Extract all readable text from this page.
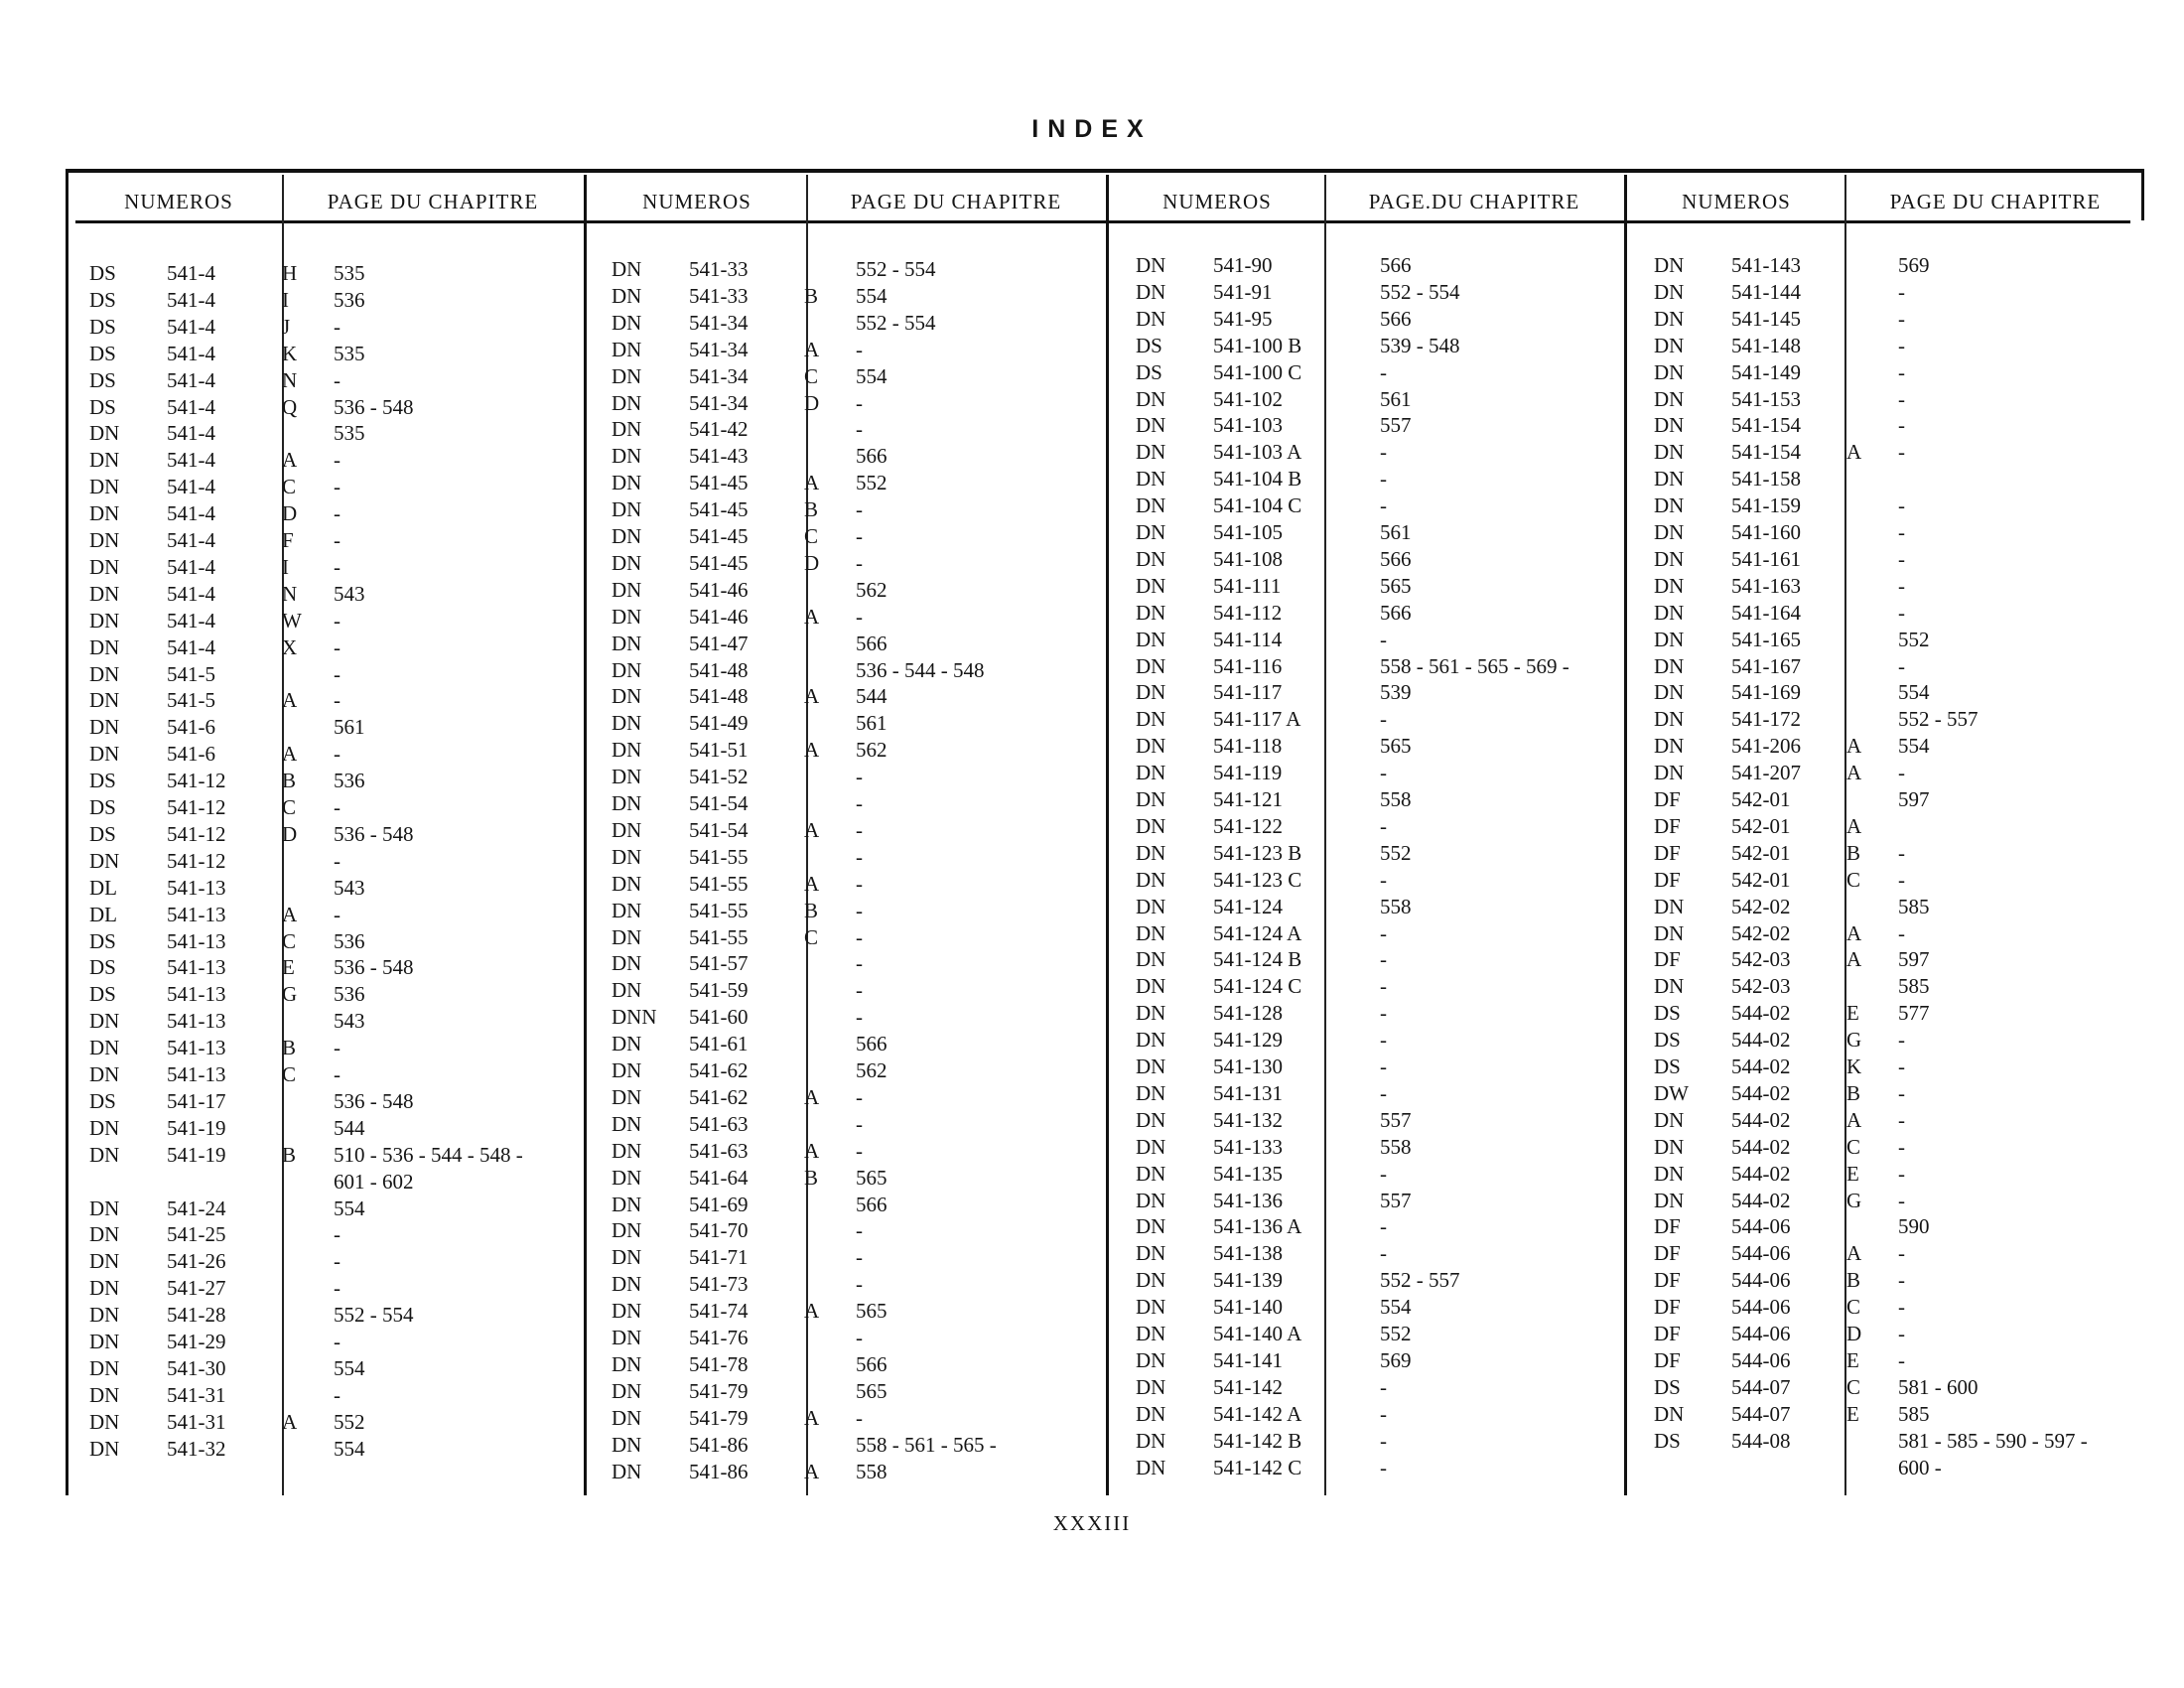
INDEX
NUMEROS	PAGE DU CHAPITRE	NUMEROS	PAGE DU CHAPITRE	NUMEROS	PAGE.DU CHAPITRE	NUMEROS	PAGE DU CHAPITRE
DS	541-4	H	535
DS	541-4	I	536
DS	541-4	J	-
DS	541-4	K	535
DS	541-4	N	-
DS	541-4	Q	536 - 548
DN	541-4	535
DN	541-4	A	-
DN	541-4	C	-
DN	541-4	D	-
DN	541-4	F	-
DN	541-4	I	-
DN	541-4	N	543
DN	541-4	W	-
DN	541-4	X	-
DN	541-5	-
DN	541-5	A	-
DN	541-6	561
DN	541-6	A	-
DS	541-12	B	536
DS	541-12	C	-
DS	541-12	D	536 - 548
DN	541-12	-
DL	541-13	543
DL	541-13	A	-
DS	541-13	C	536
DS	541-13	E	536 - 548
DS	541-13	G	536
DN	541-13	543
DN	541-13	B	-
DN	541-13	C	-
DS	541-17	536 - 548
DN	541-19	544
DN	541-19	B	510 - 536 - 544 - 548 -
601 - 602
DN	541-24	554
DN	541-25	-
DN	541-26	-
DN	541-27	-
DN	541-28	552 - 554
DN	541-29	-
DN	541-30	554
DN	541-31	-
DN	541-31	A	552
DN	541-32	554
DN	541-33	552 - 554
DN	541-33	B	554
DN	541-34	552 - 554
DN	541-34	A	-
DN	541-34	C	554
DN	541-34	D	-
DN	541-42	-
DN	541-43	566
DN	541-45	A	552
DN	541-45	B	-
DN	541-45	C	-
DN	541-45	D	-
DN	541-46	562
DN	541-46	A	-
DN	541-47	566
DN	541-48	536 - 544 - 548
DN	541-48	A	544
DN	541-49	561
DN	541-51	A	562
DN	541-52	-
DN	541-54	-
DN	541-54	A	-
DN	541-55	-
DN	541-55	A	-
DN	541-55	B	-
DN	541-55	C	-
DN	541-57	-
DN	541-59	-
DNN	541-60	-
DN	541-61	566
DN	541-62	562
DN	541-62	A	-
DN	541-63	-
DN	541-63	A	-
DN	541-64	B	565
DN	541-69	566
DN	541-70	-
DN	541-71	-
DN	541-73	-
DN	541-74	A	565
DN	541-76	-
DN	541-78	566
DN	541-79	565
DN	541-79	A	-
DN	541-86	558 - 561 - 565 -
DN	541-86	A	558
DN	541-90	566
DN	541-91	552 - 554
DN	541-95	566
DS	541-100 B	539 - 548
DS	541-100 C	-
DN	541-102	561
DN	541-103	557
DN	541-103 A	-
DN	541-104 B	-
DN	541-104 C	-
DN	541-105	561
DN	541-108	566
DN	541-111	565
DN	541-112	566
DN	541-114	-
DN	541-116	558 - 561 - 565 - 569 -
DN	541-117	539
DN	541-117 A	-
DN	541-118	565
DN	541-119	-
DN	541-121	558
DN	541-122	-
DN	541-123 B	552
DN	541-123 C	-
DN	541-124	558
DN	541-124 A	-
DN	541-124 B	-
DN	541-124 C	-
DN	541-128	-
DN	541-129	-
DN	541-130	-
DN	541-131	-
DN	541-132	557
DN	541-133	558
DN	541-135	-
DN	541-136	557
DN	541-136 A	-
DN	541-138	-
DN	541-139	552 - 557
DN	541-140	554
DN	541-140 A	552
DN	541-141	569
DN	541-142	-
DN	541-142 A	-
DN	541-142 B	-
DN	541-142 C	-
DN	541-143	569
DN	541-144	-
DN	541-145	-
DN	541-148	-
DN	541-149	-
DN	541-153	-
DN	541-154	-
DN	541-154	A	-
DN	541-158
DN	541-159	-
DN	541-160	-
DN	541-161	-
DN	541-163	-
DN	541-164	-
DN	541-165	552
DN	541-167	-
DN	541-169	554
DN	541-172	552 - 557
DN	541-206	A	554
DN	541-207	A	-
DF	542-01	597
DF	542-01	A
DF	542-01	B	-
DF	542-01	C	-
DN	542-02	585
DN	542-02	A	-
DF	542-03	A	597
DN	542-03	585
DS	544-02	E	577
DS	544-02	G	-
DS	544-02	K	-
DW	544-02	B	-
DN	544-02	A	-
DN	544-02	C	-
DN	544-02	E	-
DN	544-02	G	-
DF	544-06	590
DF	544-06	A	-
DF	544-06	B	-
DF	544-06	C	-
DF	544-06	D	-
DF	544-06	E	-
DS	544-07	C	581 - 600
DN	544-07	E	585
DS	544-08	581 - 585 - 590 - 597 -
600 -
XXXIII
